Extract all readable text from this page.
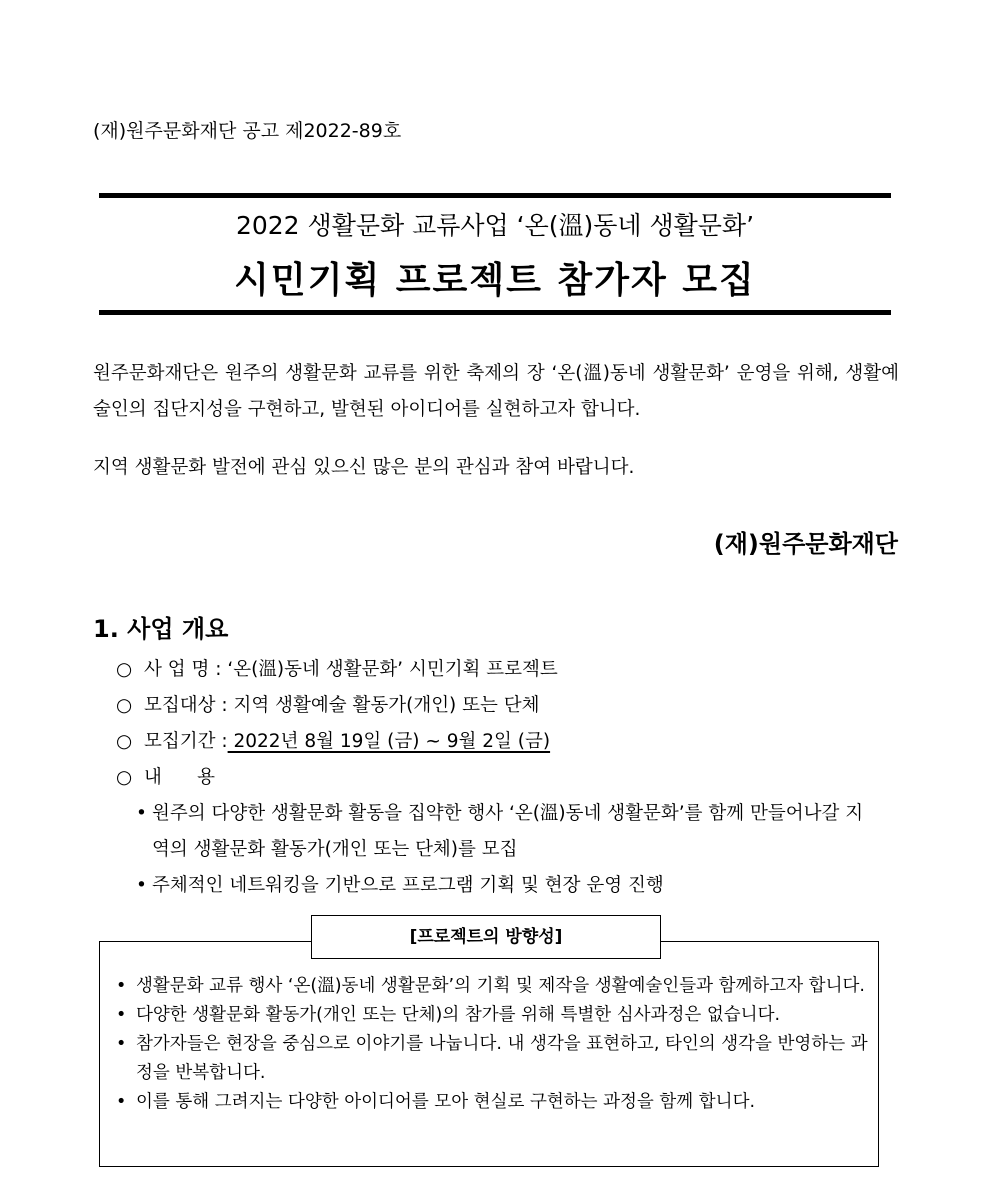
(재)원주문화재단 공고 제2022-89호
2022 생활문화 교류사업 ‘온(溫)동네 생활문화’
시민기획 프로젝트 참가자 모집
원주문화재단은 원주의 생활문화 교류를 위한 축제의 장 ‘온(溫)동네 생활문화’ 운영을 위해, 생활예술인의 집단지성을 구현하고, 발현된 아이디어를 실현하고자 합니다.
지역 생활문화 발전에 관심 있으신 많은 분의 관심과 참여 바랍니다.
(재)원주문화재단
1. 사업 개요
○ 사 업 명 : ‘온(溫)동네 생활문화’ 시민기획 프로젝트
○ 모집대상 : 지역 생활예술 활동가(개인) 또는 단체
○ 모집기간 : 2022년 8월 19일 (금) ~ 9월 2일 (금)
○ 내      용
• 원주의 다양한 생활문화 활동을 집약한 행사 ‘온(溫)동네 생활문화’를 함께 만들어나갈 지역의 생활문화 활동가(개인 또는 단체)를 모집
• 주체적인 네트워킹을 기반으로 프로그램 기획 및 현장 운영 진행
[프로젝트의 방향성]
• 생활문화 교류 행사 ‘온(溫)동네 생활문화’의 기획 및 제작을 생활예술인들과 함께하고자 합니다.
• 다양한 생활문화 활동가(개인 또는 단체)의 참가를 위해 특별한 심사과정은 없습니다.
• 참가자들은 현장을 중심으로 이야기를 나눕니다. 내 생각을 표현하고, 타인의 생각을 반영하는 과정을 반복합니다.
• 이를 통해 그려지는 다양한 아이디어를 모아 현실로 구현하는 과정을 함께 합니다.
